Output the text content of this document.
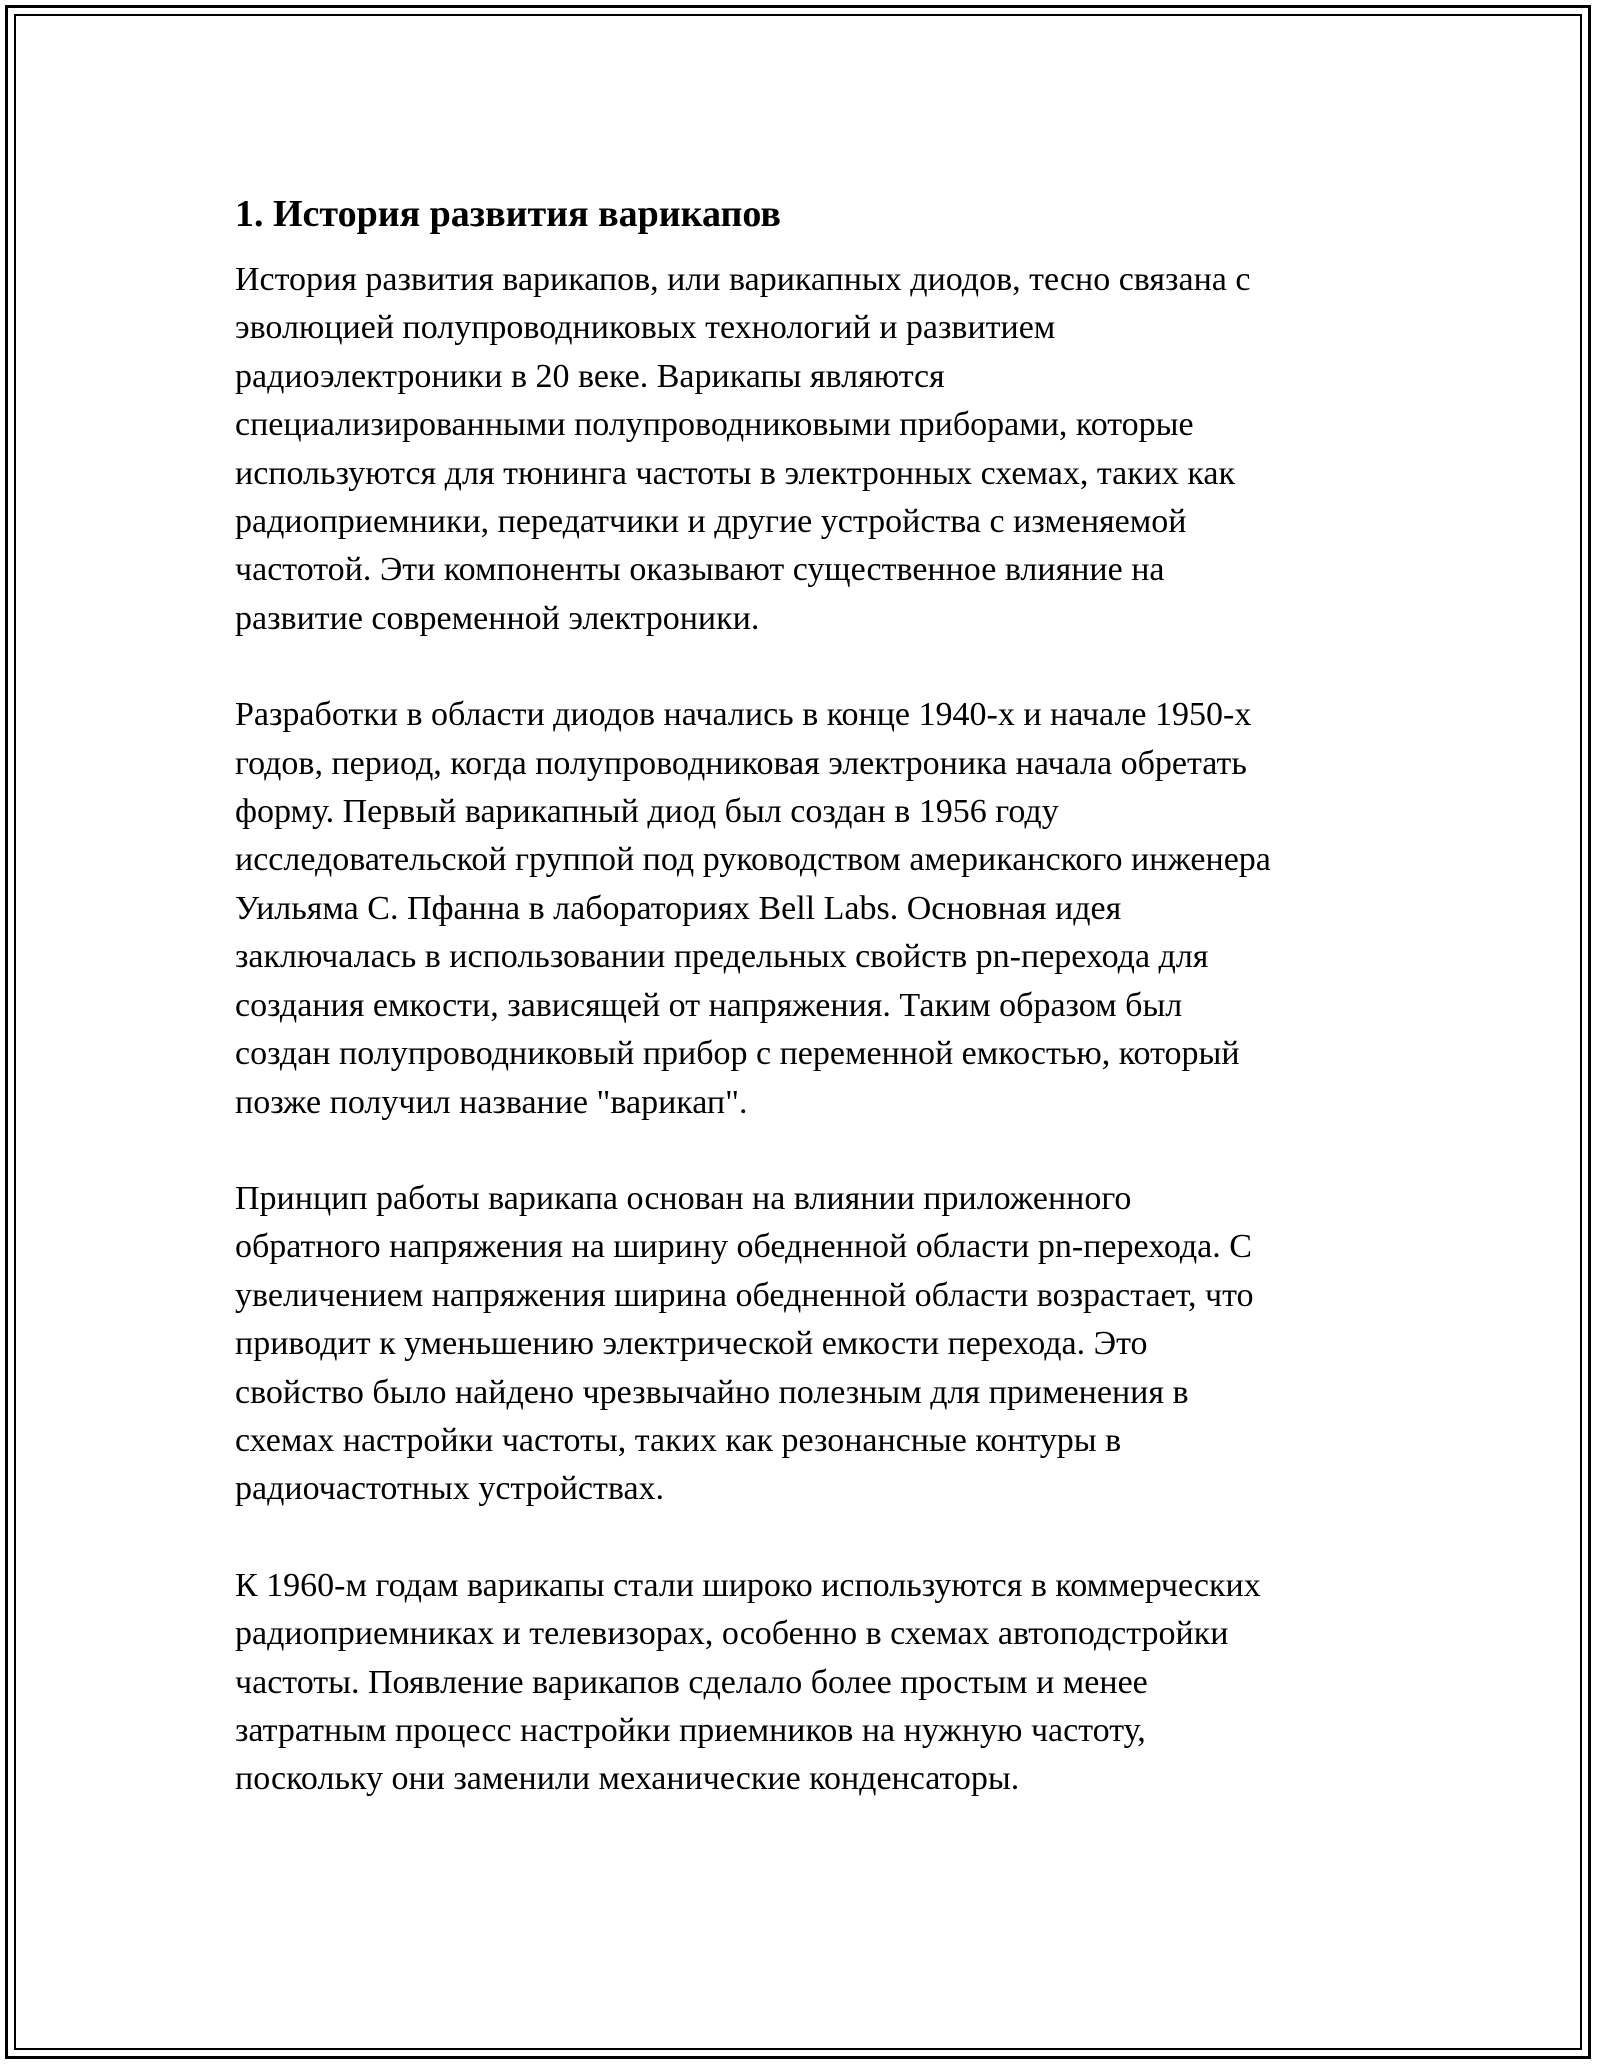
1. История развития варикапов
История развития варикапов, или варикапных диодов, тесно связана с
эволюцией полупроводниковых технологий и развитием
радиоэлектроники в 20 веке. Варикапы являются
специализированными полупроводниковыми приборами, которые
используются для тюнинга частоты в электронных схемах, таких как
радиоприемники, передатчики и другие устройства с изменяемой
частотой. Эти компоненты оказывают существенное влияние на
развитие современной электроники.
Разработки в области диодов начались в конце 1940-х и начале 1950-х
годов, период, когда полупроводниковая электроника начала обретать
форму. Первый варикапный диод был создан в 1956 году
исследовательской группой под руководством американского инженера
Уильяма С. Пфанна в лабораториях Bell Labs. Основная идея
заключалась в использовании предельных свойств pn-перехода для
создания емкости, зависящей от напряжения. Таким образом был
создан полупроводниковый прибор с переменной емкостью, который
позже получил название "варикап".
Принцип работы варикапа основан на влиянии приложенного
обратного напряжения на ширину обедненной области pn-перехода. С
увеличением напряжения ширина обедненной области возрастает, что
приводит к уменьшению электрической емкости перехода. Это
свойство было найдено чрезвычайно полезным для применения в
схемах настройки частоты, таких как резонансные контуры в
радиочастотных устройствах.
К 1960-м годам варикапы стали широко используются в коммерческих
радиоприемниках и телевизорах, особенно в схемах автоподстройки
частоты. Появление варикапов сделало более простым и менее
затратным процесс настройки приемников на нужную частоту,
поскольку они заменили механические конденсаторы.
